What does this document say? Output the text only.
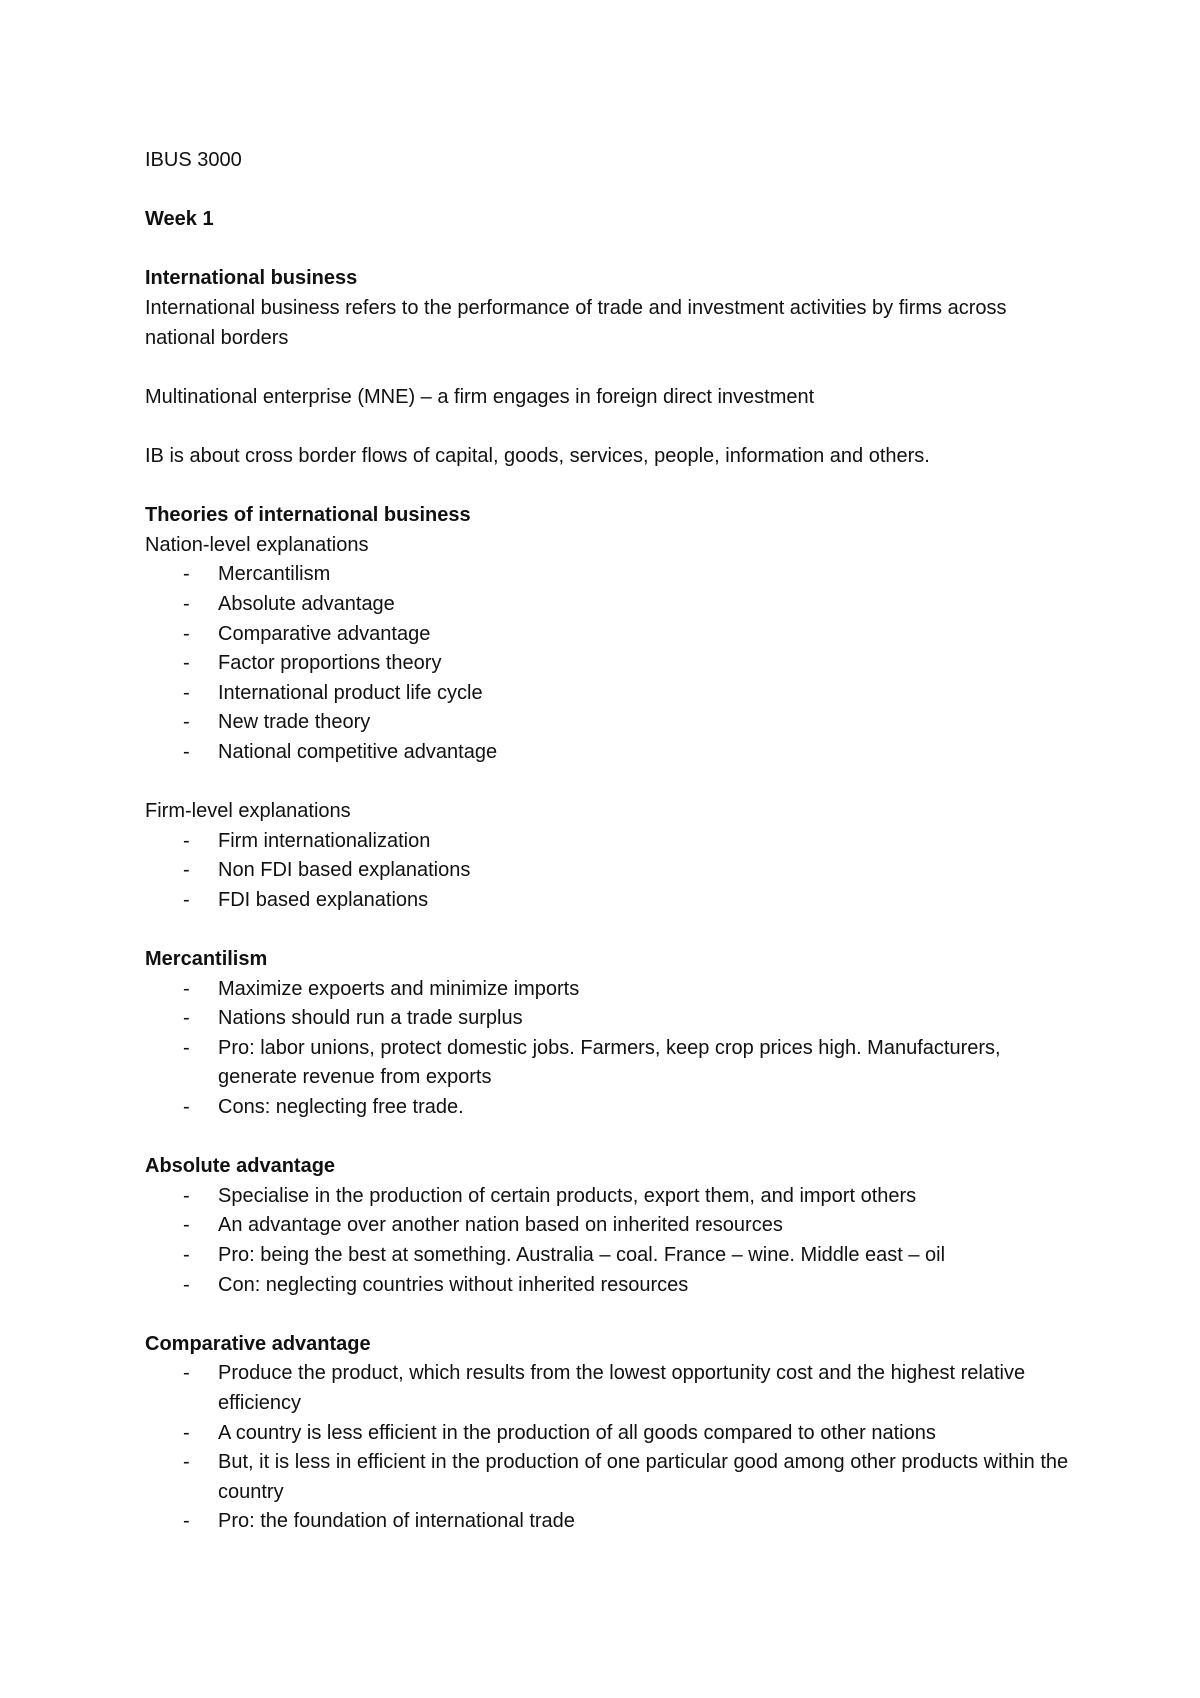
IBUS 3000

Week 1

International business

International business refers to the performance of trade and investment activities by firms across national borders

Multinational enterprise (MNE) – a firm engages in foreign direct investment

IB is about cross border flows of capital, goods, services, people, information and others.

Theories of international business

Nation-level explanations

- Mercantilism
- Absolute advantage
- Comparative advantage
- Factor proportions theory
- International product life cycle
- New trade theory
- National competitive advantage

Firm-level explanations

- Firm internationalization
- Non FDI based explanations
- FDI based explanations

Mercantilism

- Maximize expoerts and minimize imports
- Nations should run a trade surplus
- Pro: labor unions, protect domestic jobs. Farmers, keep crop prices high. Manufacturers, generate revenue from exports
- Cons: neglecting free trade.

Absolute advantage

- Specialise in the production of certain products, export them, and import others
- An advantage over another nation based on inherited resources
- Pro: being the best at something. Australia – coal. France – wine. Middle east – oil
- Con: neglecting countries without inherited resources

Comparative advantage

- Produce the product, which results from the lowest opportunity cost and the highest relative efficiency
- A country is less efficient in the production of all goods compared to other nations
- But, it is less in efficient in the production of one particular good among other products within the country
- Pro: the foundation of international trade
